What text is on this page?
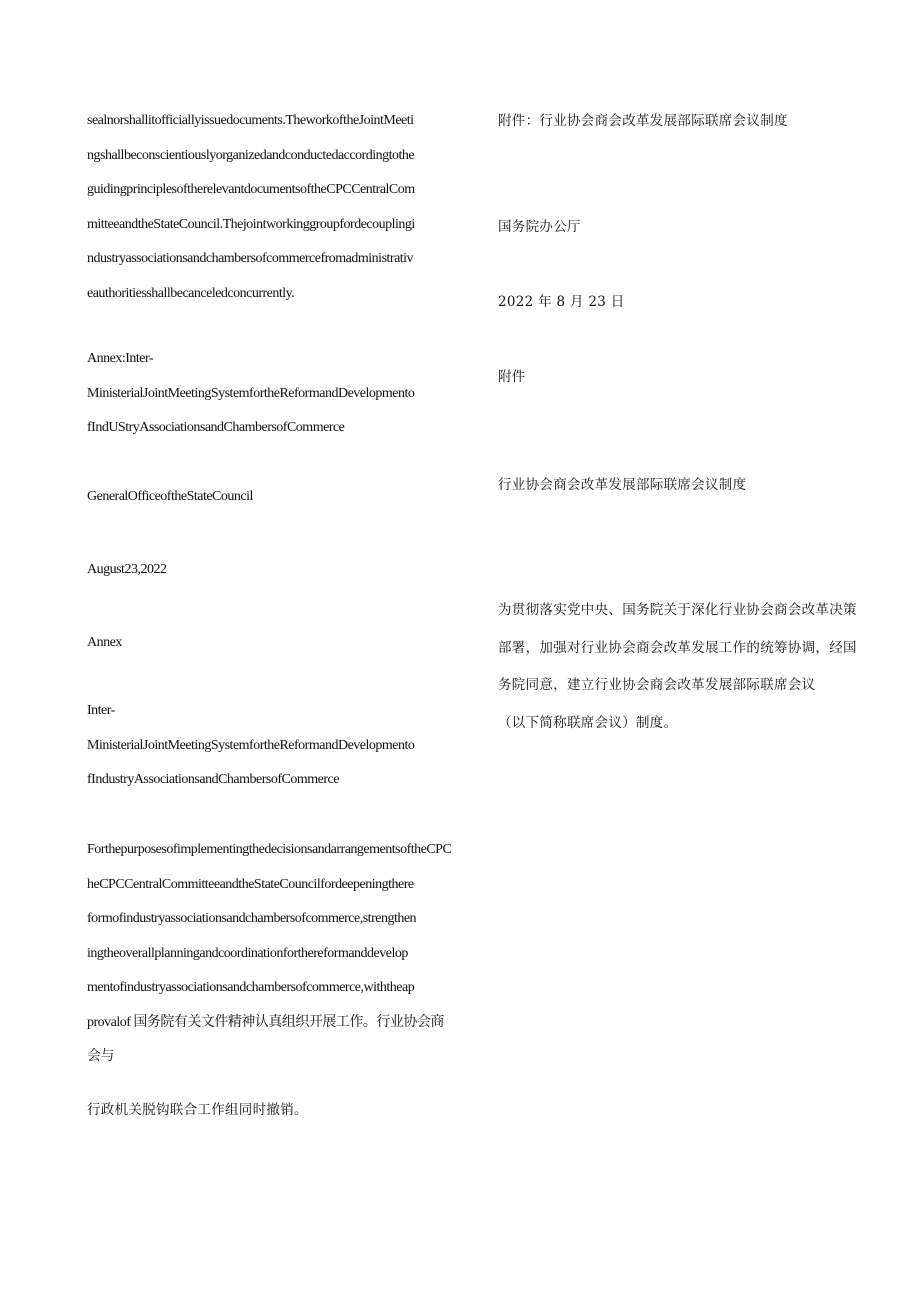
sealnorshallitofficiallyissuedocuments.TheworkoftheJointMeeti
ngshallbeconscientiouslyorganizedandconductedaccordingtothe
guidingprinciplesoftherelevantdocumentsoftheCPCCentralCom
mitteeandtheStateCouncil.Thejointworkinggroupfordecouplingi
ndustryassociationsandchambersofcommercefromadministrativ
eauthoritiesshallbecanceledconcurrently.
Annex:Inter-
MinisterialJointMeetingSystemfortheReformandDevelopmento
fIndUStryAssociationsandChambersofCommerce
GeneralOfficeoftheStateCouncil
August23,2022
Annex
Inter-
MinisterialJointMeetingSystemfortheReformandDevelopmento
fIndustryAssociationsandChambersofCommerce
ForthepurposesofimplementingthedecisionsandarrangementsoftheCPC
heCPCCentralCommitteeandtheStateCouncilfordeepeningthere
formofindustryassociationsandchambersofcommerce,strengthen
ingtheoverallplanningandcoordinationforthereformanddevelop
mentofindustryassociationsandchambersofcommerce,withtheap
provalof 国务院有关文件精神认真组织开展工作。行业协会商
会与
行政机关脱钩联合工作组同时撤销。
附件：行业协会商会改革发展部际联席会议制度
国务院办公厅
2022 年 8 月 23 日
附件
行业协会商会改革发展部际联席会议制度
为贯彻落实党中央、国务院关于深化行业协会商会改革决策
部署，加强对行业协会商会改革发展工作的统筹协调，经国
务院同意，建立行业协会商会改革发展部际联席会议
（以下简称联席会议）制度。
